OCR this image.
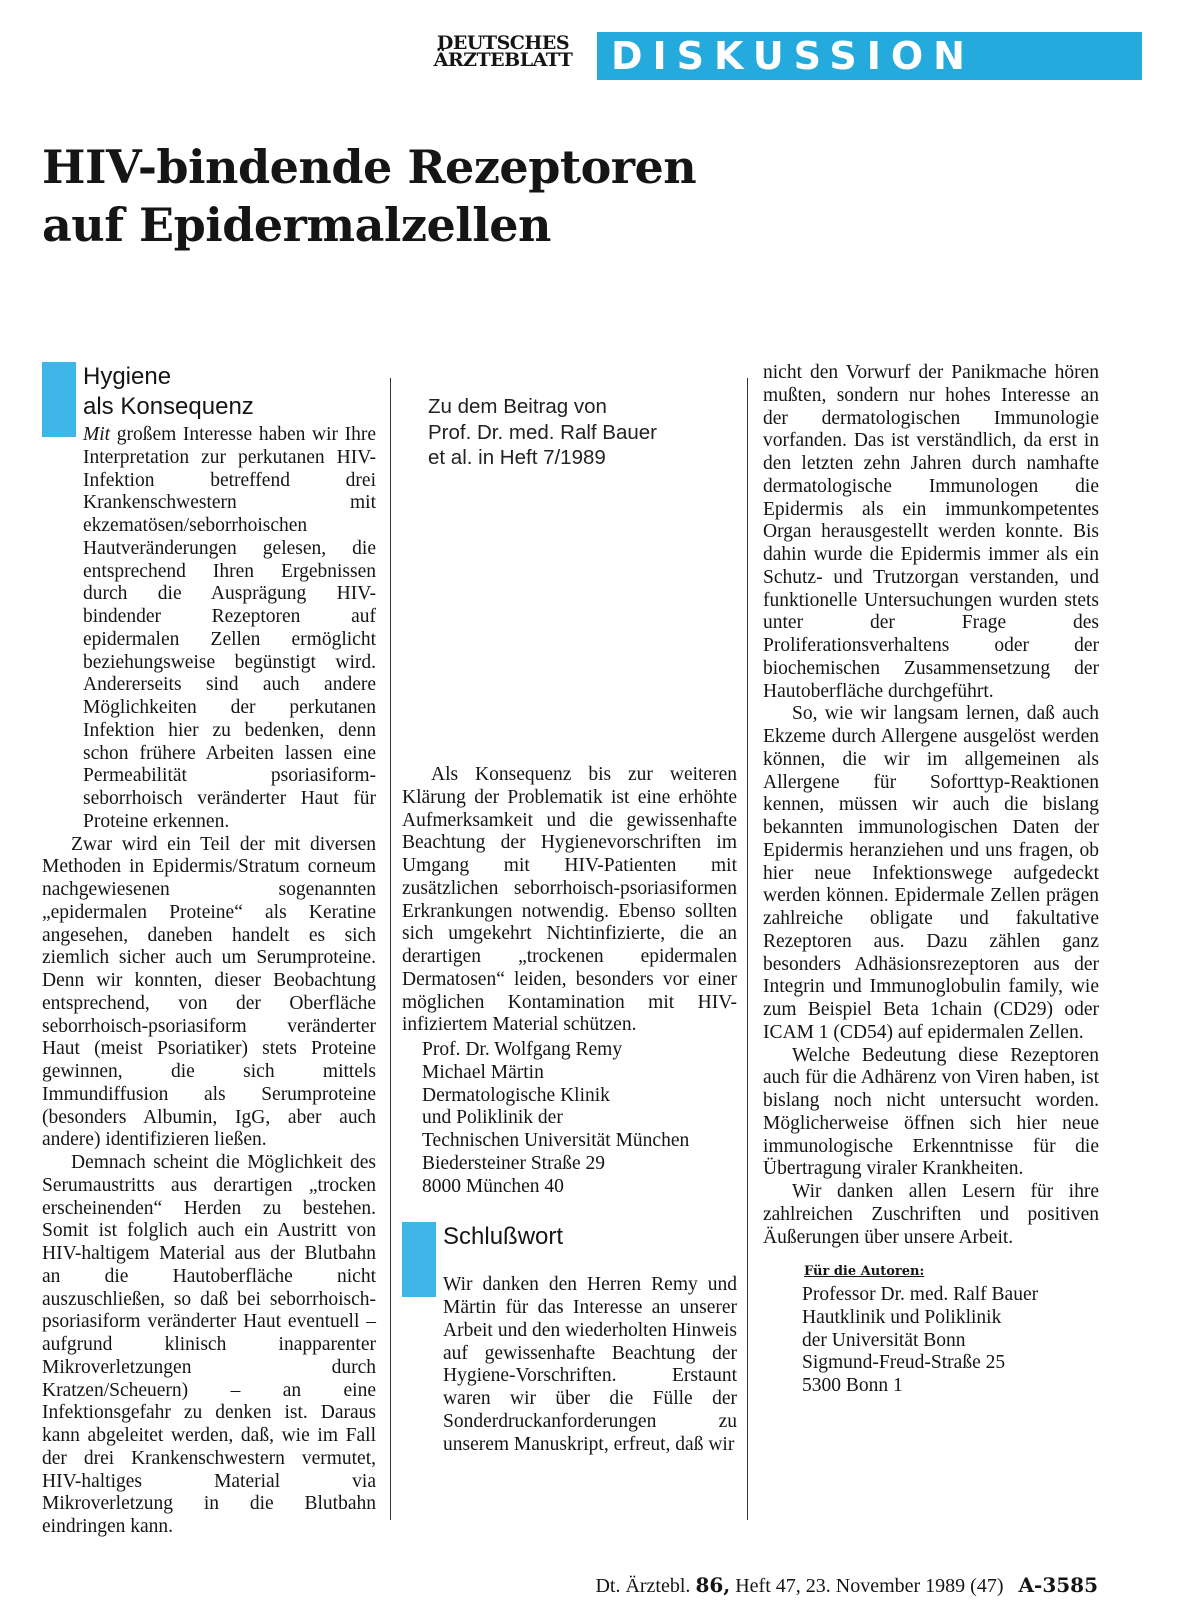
DEUTSCHES
ÄRZTEBLATT	DISKUSSION
HIV-bindende Rezeptoren
auf Epidermalzellen
Hygiene
als Konsequenz

Mit großem Interesse haben wir Ihre Interpretation zur perkutanen HIV-Infektion betreffend drei Krankenschwestern mit ekzematösen/seborrhoischen Hautveränderungen gelesen, die entsprechend Ihren Ergebnissen durch die Ausprägung HIV-bindender Rezeptoren auf epidermalen Zellen ermöglicht beziehungsweise begünstigt wird. Andererseits sind auch andere Möglichkeiten der perkutanen Infektion hier zu bedenken, denn schon frühere Arbeiten lassen eine Permeabilität psoriasiform-seborrhoisch veränderter Haut für Proteine erkennen.

Zwar wird ein Teil der mit diversen Methoden in Epidermis/Stratum corneum nachgewiesenen sogenannten „epidermalen Proteine“ als Keratine angesehen, daneben handelt es sich ziemlich sicher auch um Serumproteine. Denn wir konnten, dieser Beobachtung entsprechend, von der Oberfläche seborrhoisch-psoriasiform veränderter Haut (meist Psoriatiker) stets Proteine gewinnen, die sich mittels Immundiffusion als Serumproteine (besonders Albumin, IgG, aber auch andere) identifizieren ließen.

Demnach scheint die Möglichkeit des Serumaustritts aus derartigen „trocken erscheinenden“ Herden zu bestehen. Somit ist folglich auch ein Austritt von HIV-haltigem Material aus der Blutbahn an die Hautoberfläche nicht auszuschließen, so daß bei seborrhoisch-psoriasiform veränderter Haut eventuell – aufgrund klinisch inapparenter Mikroverletzungen durch Kratzen/Scheuern) – an eine Infektionsgefahr zu denken ist. Daraus kann abgeleitet werden, daß, wie im Fall der drei Krankenschwestern vermutet, HIV-haltiges Material via Mikroverletzung in die Blutbahn eindringen kann.

Zu dem Beitrag von
Prof. Dr. med. Ralf Bauer
et al. in Heft 7/1989

Als Konsequenz bis zur weiteren Klärung der Problematik ist eine erhöhte Aufmerksamkeit und die gewissenhafte Beachtung der Hygienevorschriften im Umgang mit HIV-Patienten mit zusätzlichen seborrhoisch-psoriasiformen Erkrankungen notwendig. Ebenso sollten sich umgekehrt Nichtinfizierte, die an derartigen „trockenen epidermalen Dermatosen“ leiden, besonders vor einer möglichen Kontamination mit HIV-infiziertem Material schützen.

Prof. Dr. Wolfgang Remy
Michael Märtin
Dermatologische Klinik
und Poliklinik der
Technischen Universität München
Biedersteiner Straße 29
8000 München 40
Schlußwort

Wir danken den Herren Remy und Märtin für das Interesse an unserer Arbeit und den wiederholten Hinweis auf gewissenhafte Beachtung der Hygiene-Vorschriften. Erstaunt waren wir über die Fülle der Sonderdruckanforderungen zu unserem Manuskript, erfreut, daß wir

nicht den Vorwurf der Panikmache hören mußten, sondern nur hohes Interesse an der dermatologischen Immunologie vorfanden. Das ist verständlich, da erst in den letzten zehn Jahren durch namhafte dermatologische Immunologen die Epidermis als ein immunkompetentes Organ herausgestellt werden konnte. Bis dahin wurde die Epidermis immer als ein Schutz- und Trutzorgan verstanden, und funktionelle Untersuchungen wurden stets unter der Frage des Proliferationsverhaltens oder der biochemischen Zusammensetzung der Hautoberfläche durchgeführt.

So, wie wir langsam lernen, daß auch Ekzeme durch Allergene ausgelöst werden können, die wir im allgemeinen als Allergene für Soforttyp-Reaktionen kennen, müssen wir auch die bislang bekannten immunologischen Daten der Epidermis heranziehen und uns fragen, ob hier neue Infektionswege aufgedeckt werden können. Epidermale Zellen prägen zahlreiche obligate und fakultative Rezeptoren aus. Dazu zählen ganz besonders Adhäsionsrezeptoren aus der Integrin und Immunoglobulin family, wie zum Beispiel Beta 1chain (CD29) oder ICAM 1 (CD54) auf epidermalen Zellen.

Welche Bedeutung diese Rezeptoren auch für die Adhärenz von Viren haben, ist bislang noch nicht untersucht worden. Möglicherweise öffnen sich hier neue immunologische Erkenntnisse für die Übertragung viraler Krankheiten.

Wir danken allen Lesern für ihre zahlreichen Zuschriften und positiven Äußerungen über unsere Arbeit.

Für die Autoren:
Professor Dr. med. Ralf Bauer
Hautklinik und Poliklinik
der Universität Bonn
Sigmund-Freud-Straße 25
5300 Bonn 1
Dt. Ärztebl. 86, Heft 47, 23. November 1989 (47) A-3585
